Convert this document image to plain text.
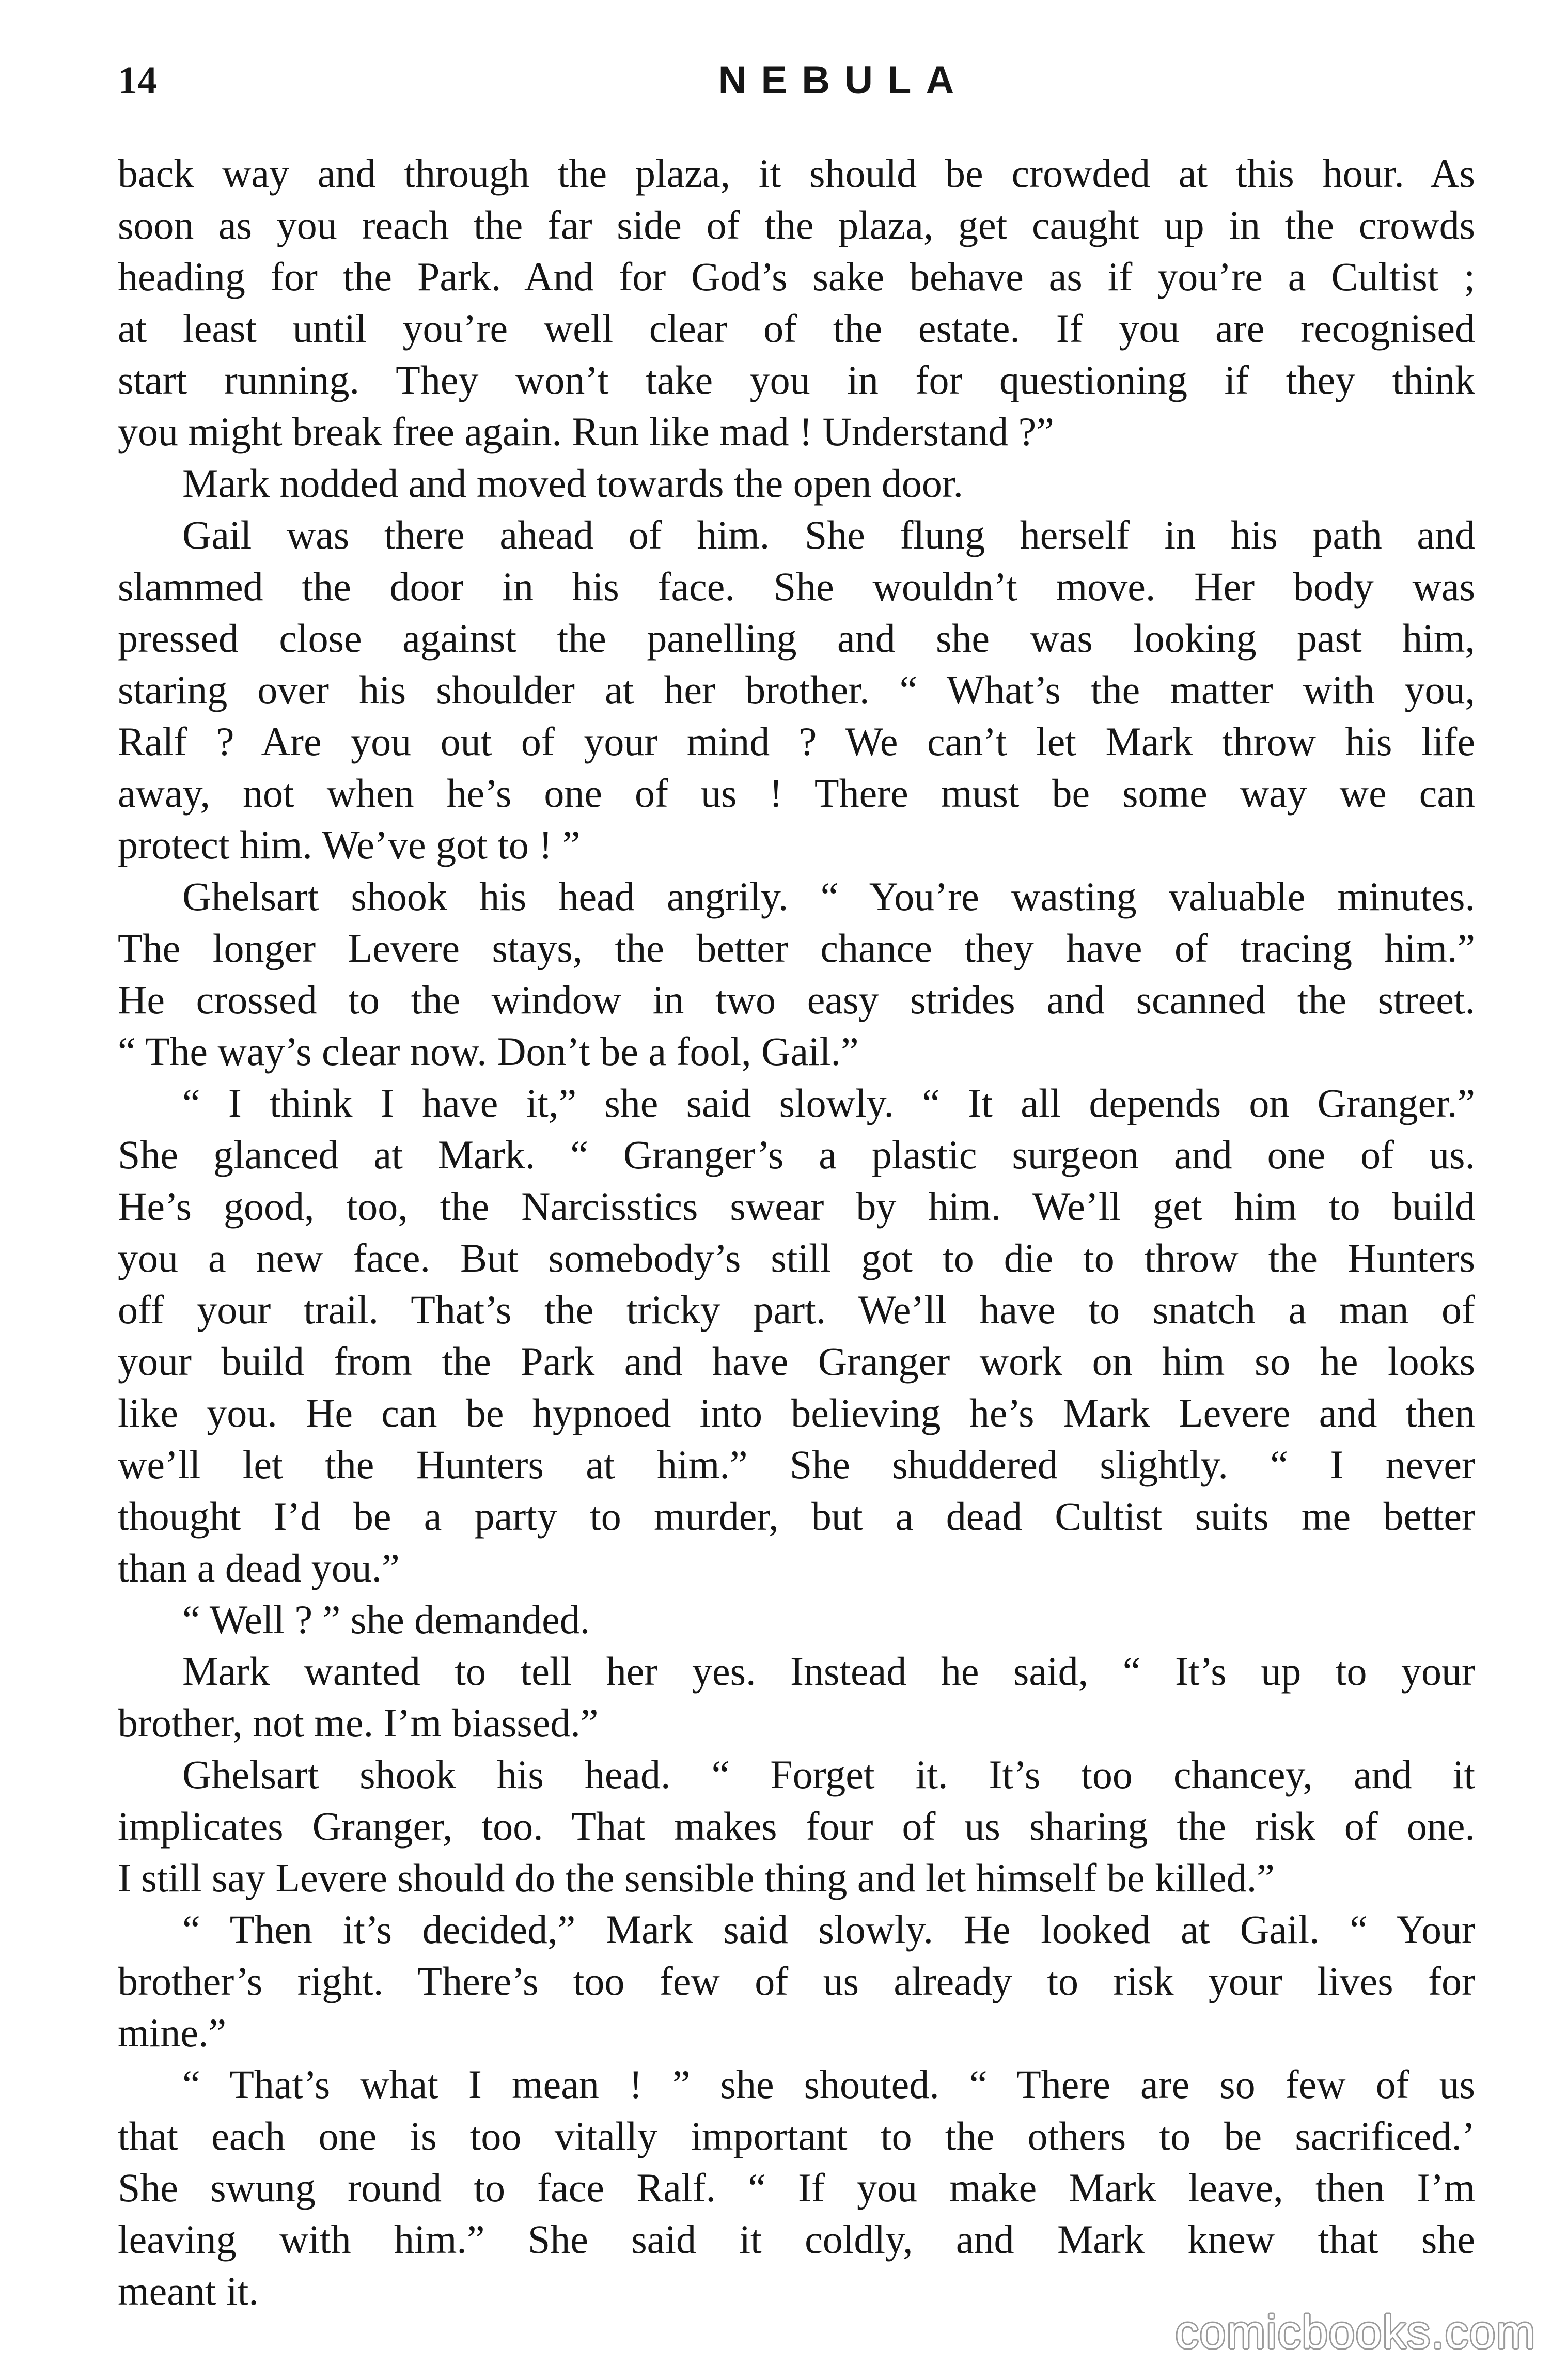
14	NEBULA

back way and through the plaza, it should be crowded at this hour. As

soon as you reach the far side of the plaza, get caught up in the crowds

heading for the Park. And for God’s sake behave as if you’re a Cultist ;

at least until you’re well clear of the estate. If you are recognised

start running. They won’t take you in for questioning if they think

you might break free again. Run like mad ! Understand ?”

Mark nodded and moved towards the open door.

Gail was there ahead of him. She flung herself in his path and

slammed the door in his face. She wouldn’t move. Her body was

pressed close against the panelling and she was looking past him,

staring over his shoulder at her brother. “ What’s the matter with you,

Ralf ? Are you out of your mind ? We can’t let Mark throw his life

away, not when he’s one of us ! There must be some way we can

protect him. We’ve got to ! ”

Ghelsart shook his head angrily. “ You’re wasting valuable minutes.

The longer Levere stays, the better chance they have of tracing him.”

He crossed to the window in two easy strides and scanned the street.

“ The way’s clear now. Don’t be a fool, Gail.”

“ I think I have it,” she said slowly. “ It all depends on Granger.”

She glanced at Mark. “ Granger’s a plastic surgeon and one of us.

He’s good, too, the Narcisstics swear by him. We’ll get him to build

you a new face. But somebody’s still got to die to throw the Hunters

off your trail. That’s the tricky part. We’ll have to snatch a man of

your build from the Park and have Granger work on him so he looks

like you. He can be hypnoed into believing he’s Mark Levere and then

we’ll let the Hunters at him.” She shuddered slightly. “ I never

thought I’d be a party to murder, but a dead Cultist suits me better

than a dead you.”

“ Well ? ” she demanded.

Mark wanted to tell her yes. Instead he said, “ It’s up to your

brother, not me. I’m biassed.”

Ghelsart shook his head. “ Forget it. It’s too chancey, and it

implicates Granger, too. That makes four of us sharing the risk of one.

I still say Levere should do the sensible thing and let himself be killed.”

“ Then it’s decided,” Mark said slowly. He looked at Gail. “ Your

brother’s right. There’s too few of us already to risk your lives for

mine.”

“ That’s what I mean ! ” she shouted. “ There are so few of us

that each one is too vitally important to the others to be sacrificed.’

She swung round to face Ralf. “ If you make Mark leave, then I’m

leaving with him.” She said it coldly, and Mark knew that she

meant it.

comicbooks.com
